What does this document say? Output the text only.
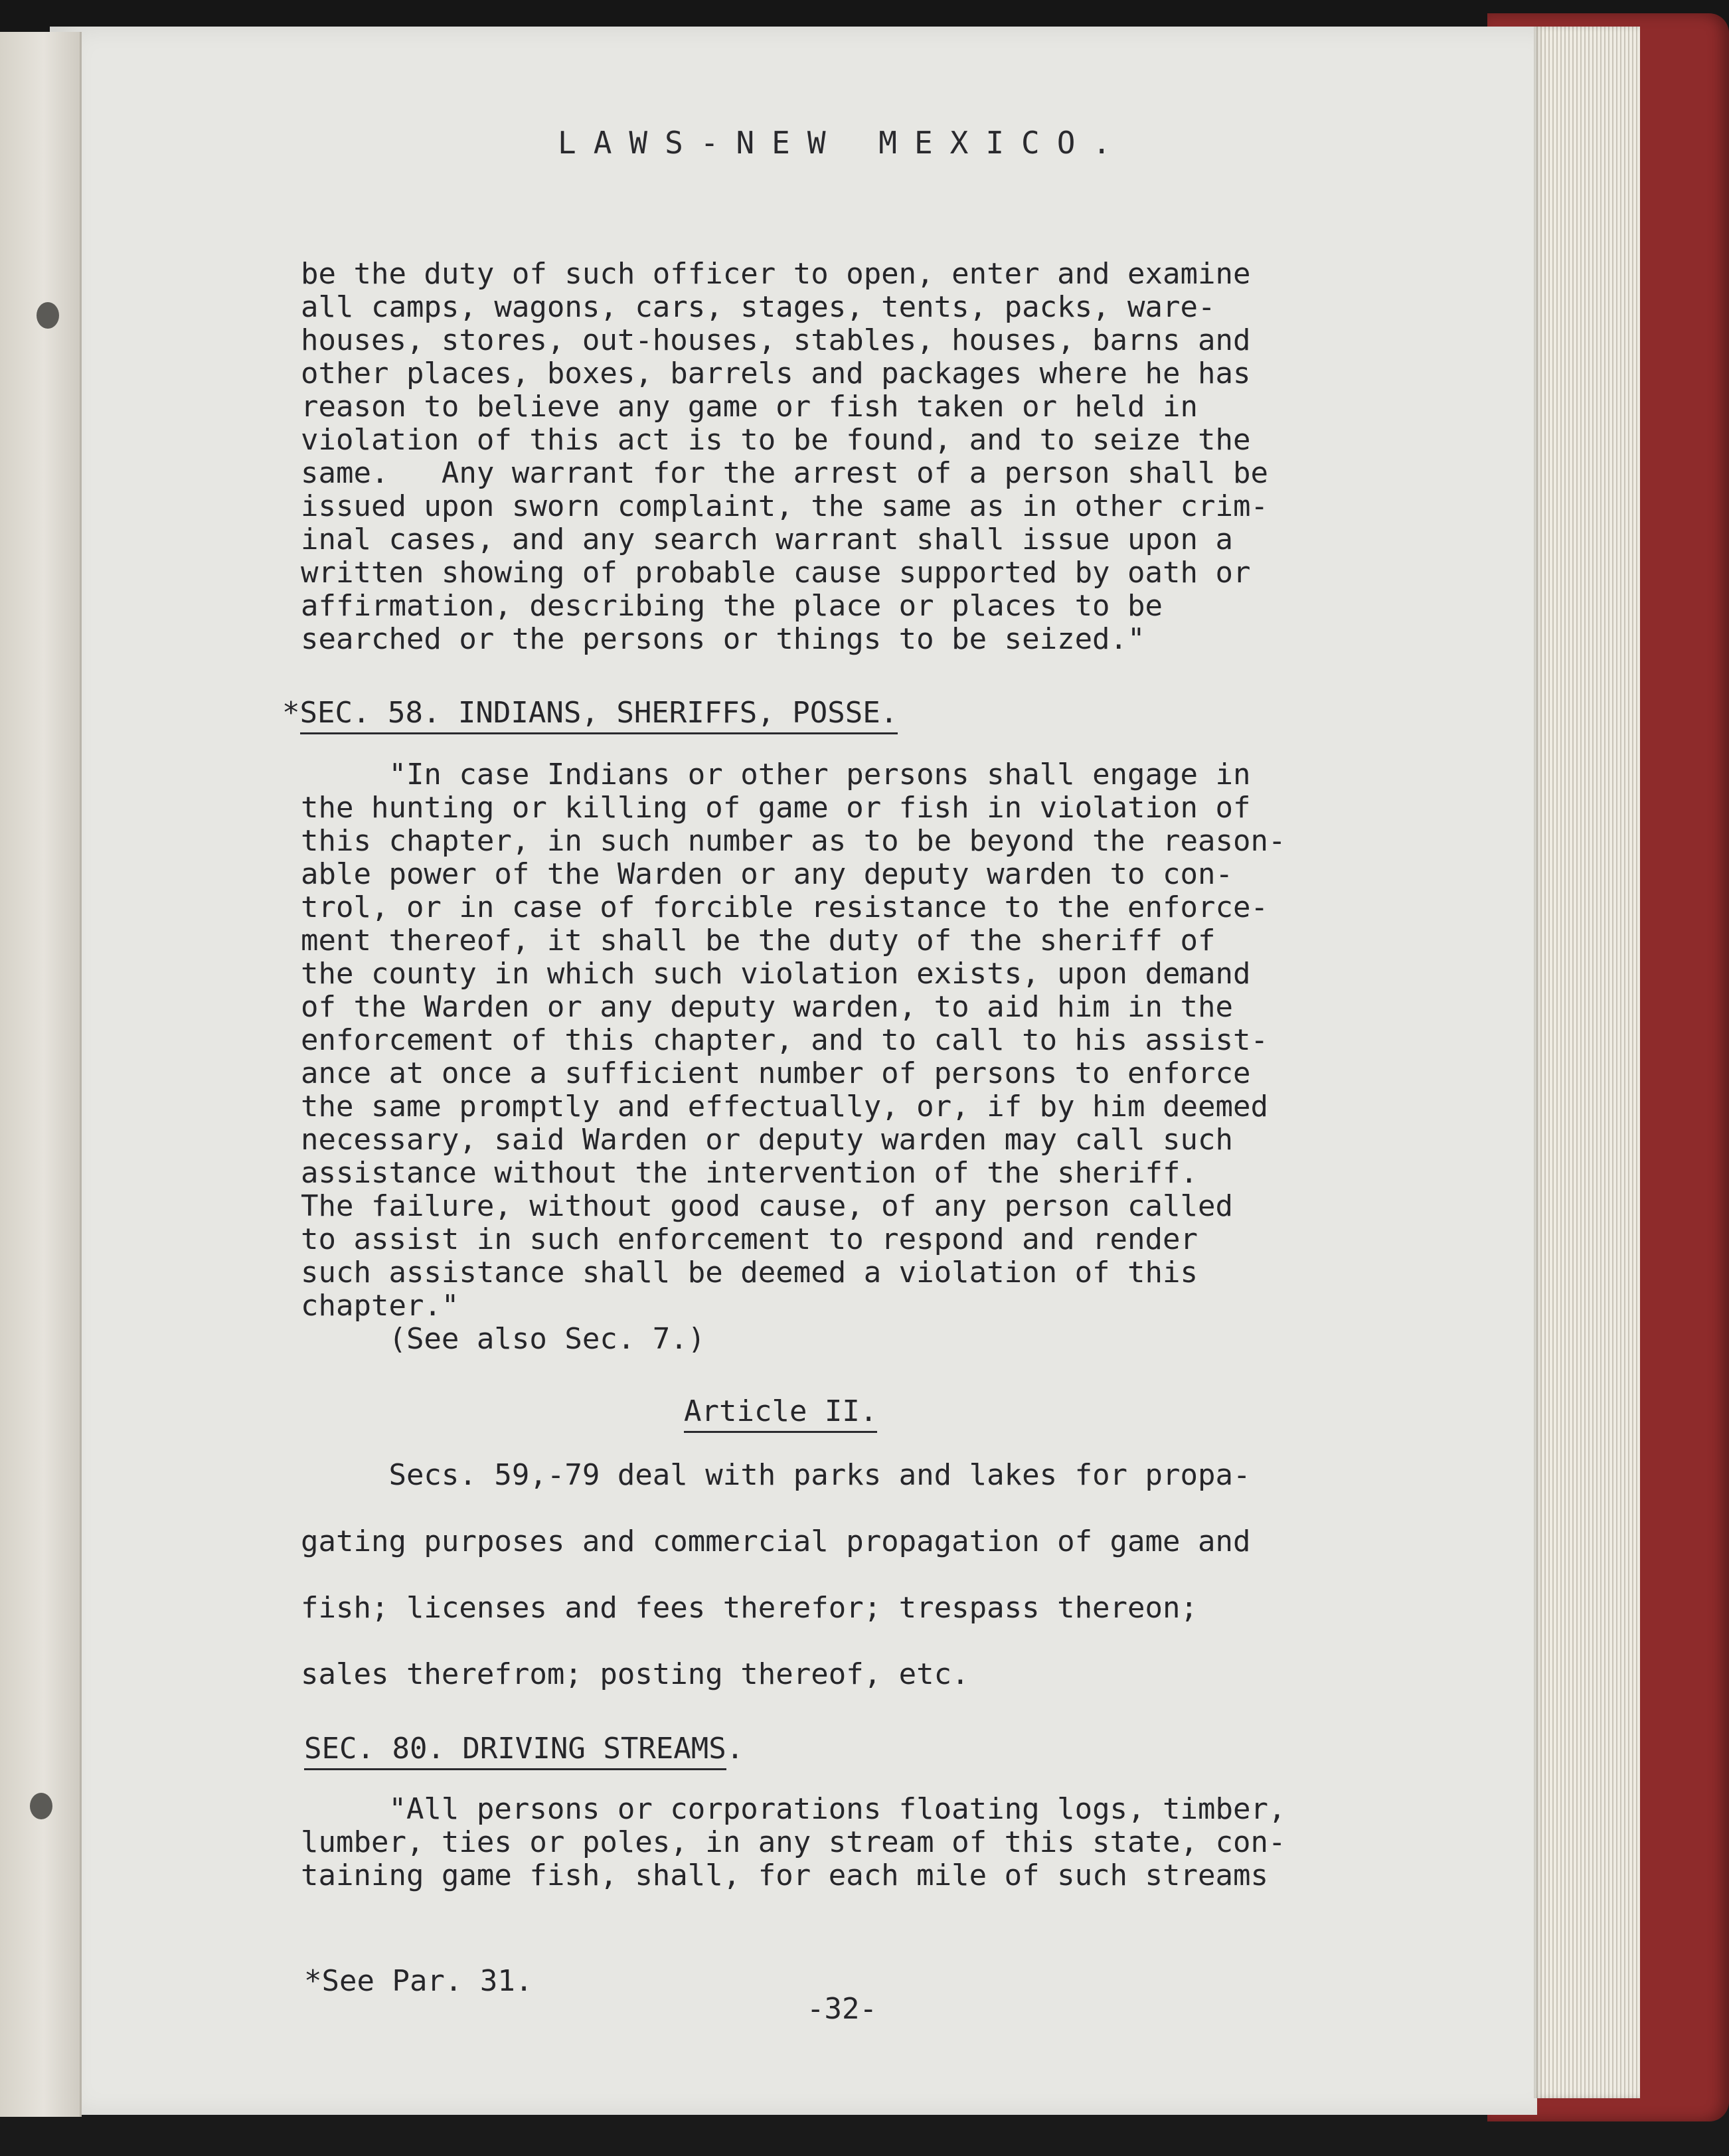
LAWS-NEW MEXICO.
be the duty of such officer to open, enter and examine
all camps, wagons, cars, stages, tents, packs, ware-
houses, stores, out-houses, stables, houses, barns and
other places, boxes, barrels and packages where he has
reason to believe any game or fish taken or held in
violation of this act is to be found, and to seize the
same.   Any warrant for the arrest of a person shall be
issued upon sworn complaint, the same as in other crim-
inal cases, and any search warrant shall issue upon a
written showing of probable cause supported by oath or
affirmation, describing the place or places to be
searched or the persons or things to be seized."
*SEC. 58. INDIANS, SHERIFFS, POSSE.
"In case Indians or other persons shall engage in
the hunting or killing of game or fish in violation of
this chapter, in such number as to be beyond the reason-
able power of the Warden or any deputy warden to con-
trol, or in case of forcible resistance to the enforce-
ment thereof, it shall be the duty of the sheriff of
the county in which such violation exists, upon demand
of the Warden or any deputy warden, to aid him in the
enforcement of this chapter, and to call to his assist-
ance at once a sufficient number of persons to enforce
the same promptly and effectually, or, if by him deemed
necessary, said Warden or deputy warden may call such
assistance without the intervention of the sheriff.
The failure, without good cause, of any person called
to assist in such enforcement to respond and render
such assistance shall be deemed a violation of this
chapter."
(See also Sec. 7.)
Article II.
Secs. 59,-79 deal with parks and lakes for propa-
gating purposes and commercial propagation of game and
fish; licenses and fees therefor; trespass thereon;
sales therefrom; posting thereof, etc.
SEC. 80. DRIVING STREAMS.
"All persons or corporations floating logs, timber,
lumber, ties or poles, in any stream of this state, con-
taining game fish, shall, for each mile of such streams
*See Par. 31.
-32-
